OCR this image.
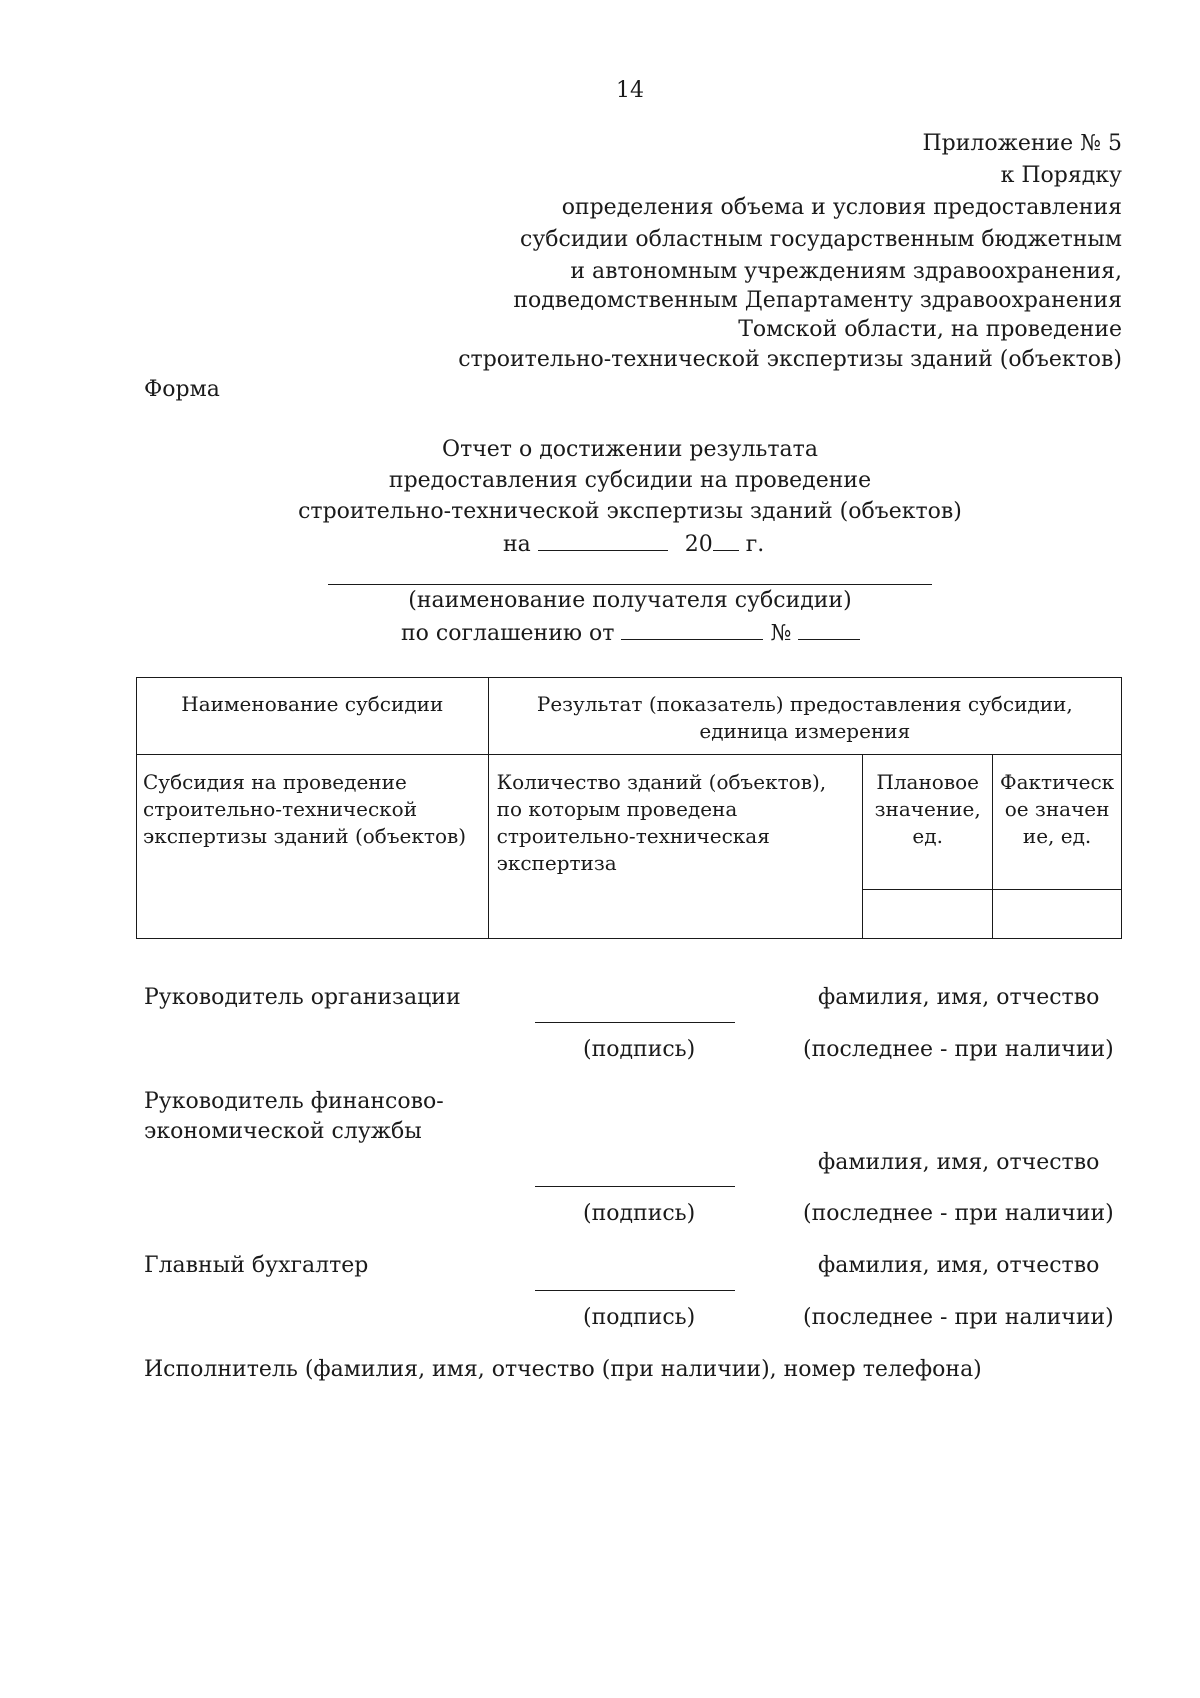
14
Приложение № 5
к Порядку
определения объема и условия предоставления
субсидии областным государственным бюджетным
и автономным учреждениям здравоохранения,
подведомственным Департаменту здравоохранения
Томской области, на проведение
строительно-технической экспертизы зданий (объектов)
Форма
Отчет о достижении результата
предоставления субсидии на проведение
строительно-технической экспертизы зданий (объектов)
на	20 г.
(наименование получателя субсидии)
по соглашению от	№
Наименование субсидии	Результат (показатель) предоставления субсидии, единица измерения		
Субсидия на проведение строительно-технической экспертизы зданий (объектов)	Количество зданий (объектов), по которым проведена строительно-техническая экспертиза	Плановое значение, ед.	Фактическое значение, ед.

Руководитель организации	фамилия, имя, отчество
(подпись)	(последнее - при наличии)
Руководитель финансово-экономической службы
фамилия, имя, отчество
(подпись)	(последнее - при наличии)
Главный бухгалтер	фамилия, имя, отчество
(подпись)	(последнее - при наличии)
Исполнитель (фамилия, имя, отчество (при наличии), номер телефона)
